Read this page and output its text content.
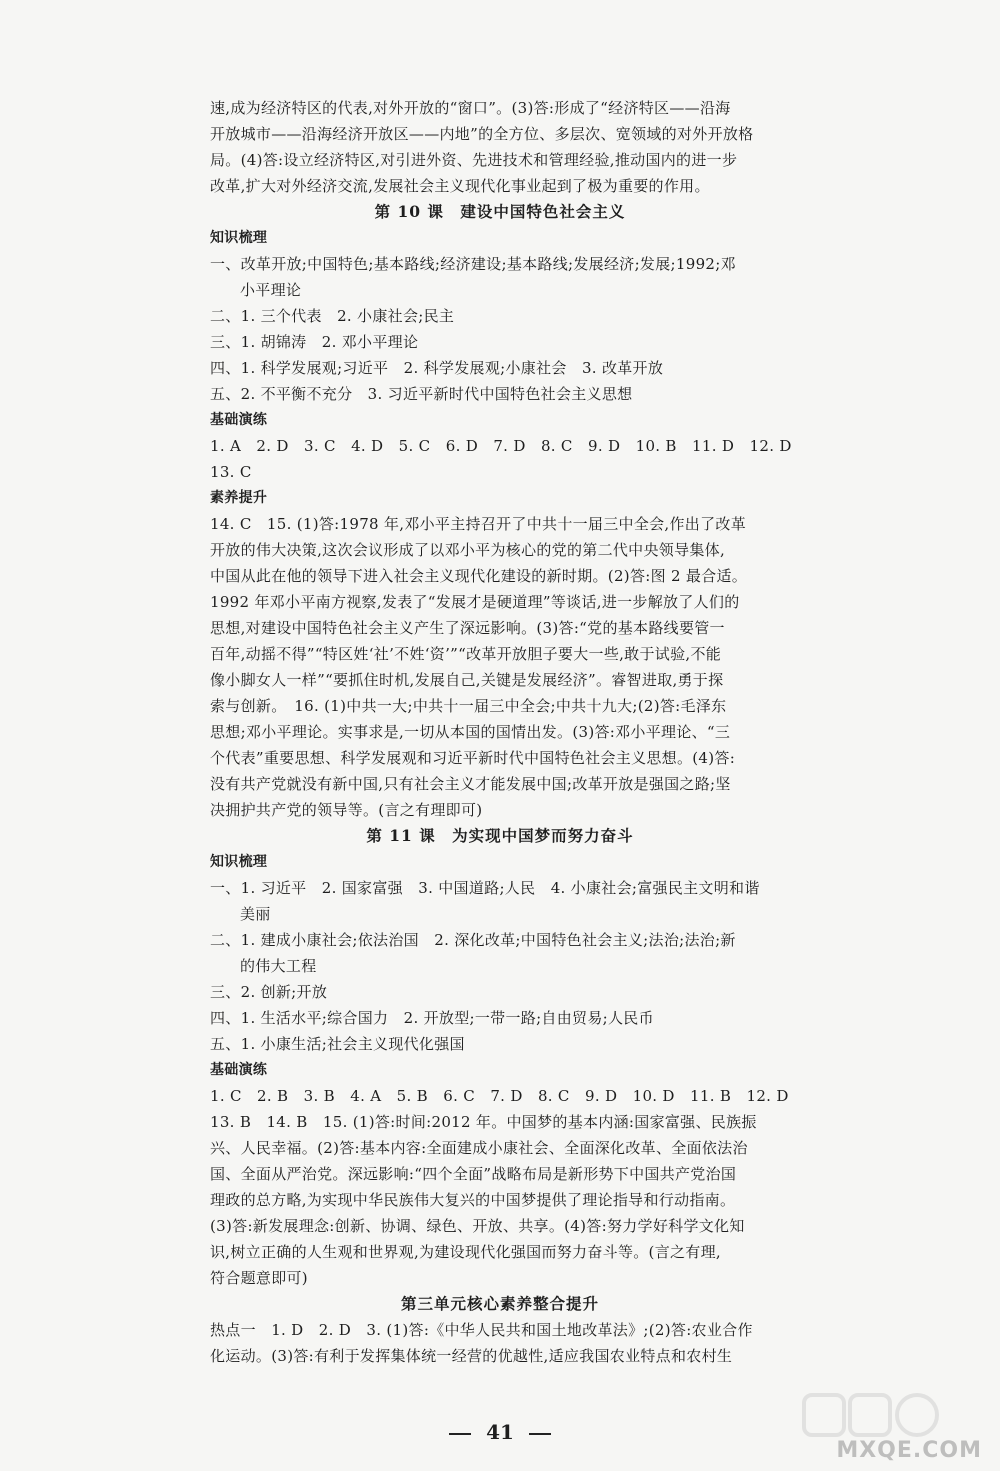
速,成为经济特区的代表,对外开放的“窗口”。(3)答:形成了“经济特区——沿海
开放城市——沿海经济开放区——内地”的全方位、多层次、宽领域的对外开放格
局。(4)答:设立经济特区,对引进外资、先进技术和管理经验,推动国内的进一步
改革,扩大对外经济交流,发展社会主义现代化事业起到了极为重要的作用。
第 10 课　建设中国特色社会主义
知识梳理
一、改革开放;中国特色;基本路线;经济建设;基本路线;发展经济;发展;1992;邓
小平理论
二、1. 三个代表　2. 小康社会;民主
三、1. 胡锦涛　2. 邓小平理论
四、1. 科学发展观;习近平　2. 科学发展观;小康社会　3. 改革开放
五、2. 不平衡不充分　3. 习近平新时代中国特色社会主义思想
基础演练
1. A　2. D　3. C　4. D　5. C　6. D　7. D　8. C　9. D　10. B　11. D　12. D
13. C
素养提升
14. C　15. (1)答:1978 年,邓小平主持召开了中共十一届三中全会,作出了改革
开放的伟大决策,这次会议形成了以邓小平为核心的党的第二代中央领导集体,
中国从此在他的领导下进入社会主义现代化建设的新时期。(2)答:图 2 最合适。
1992 年邓小平南方视察,发表了“发展才是硬道理”等谈话,进一步解放了人们的
思想,对建设中国特色社会主义产生了深远影响。(3)答:“党的基本路线要管一
百年,动摇不得”“特区姓‘社’不姓‘资’”“改革开放胆子要大一些,敢于试验,不能
像小脚女人一样”“要抓住时机,发展自己,关键是发展经济”。睿智进取,勇于探
索与创新。　16. (1)中共一大;中共十一届三中全会;中共十九大;(2)答:毛泽东
思想;邓小平理论。实事求是,一切从本国的国情出发。(3)答:邓小平理论、“三
个代表”重要思想、科学发展观和习近平新时代中国特色社会主义思想。(4)答:
没有共产党就没有新中国,只有社会主义才能发展中国;改革开放是强国之路;坚
决拥护共产党的领导等。(言之有理即可)
第 11 课　为实现中国梦而努力奋斗
知识梳理
一、1. 习近平　2. 国家富强　3. 中国道路;人民　4. 小康社会;富强民主文明和谐
美丽
二、1. 建成小康社会;依法治国　2. 深化改革;中国特色社会主义;法治;法治;新
的伟大工程
三、2. 创新;开放
四、1. 生活水平;综合国力　2. 开放型;一带一路;自由贸易;人民币
五、1. 小康生活;社会主义现代化强国
基础演练
1. C　2. B　3. B　4. A　5. B　6. C　7. D　8. C　9. D　10. D　11. B　12. D
13. B　14. B　15. (1)答:时间:2012 年。中国梦的基本内涵:国家富强、民族振
兴、人民幸福。(2)答:基本内容:全面建成小康社会、全面深化改革、全面依法治
国、全面从严治党。深远影响:“四个全面”战略布局是新形势下中国共产党治国
理政的总方略,为实现中华民族伟大复兴的中国梦提供了理论指导和行动指南。
(3)答:新发展理念:创新、协调、绿色、开放、共享。(4)答:努力学好科学文化知
识,树立正确的人生观和世界观,为建设现代化强国而努力奋斗等。(言之有理,
符合题意即可)
第三单元核心素养整合提升
热点一　1. D　2. D　3. (1)答:《中华人民共和国土地改革法》;(2)答:农业合作
化运动。(3)答:有利于发挥集体统一经营的优越性,适应我国农业特点和农村生
41
MXQE.COM
